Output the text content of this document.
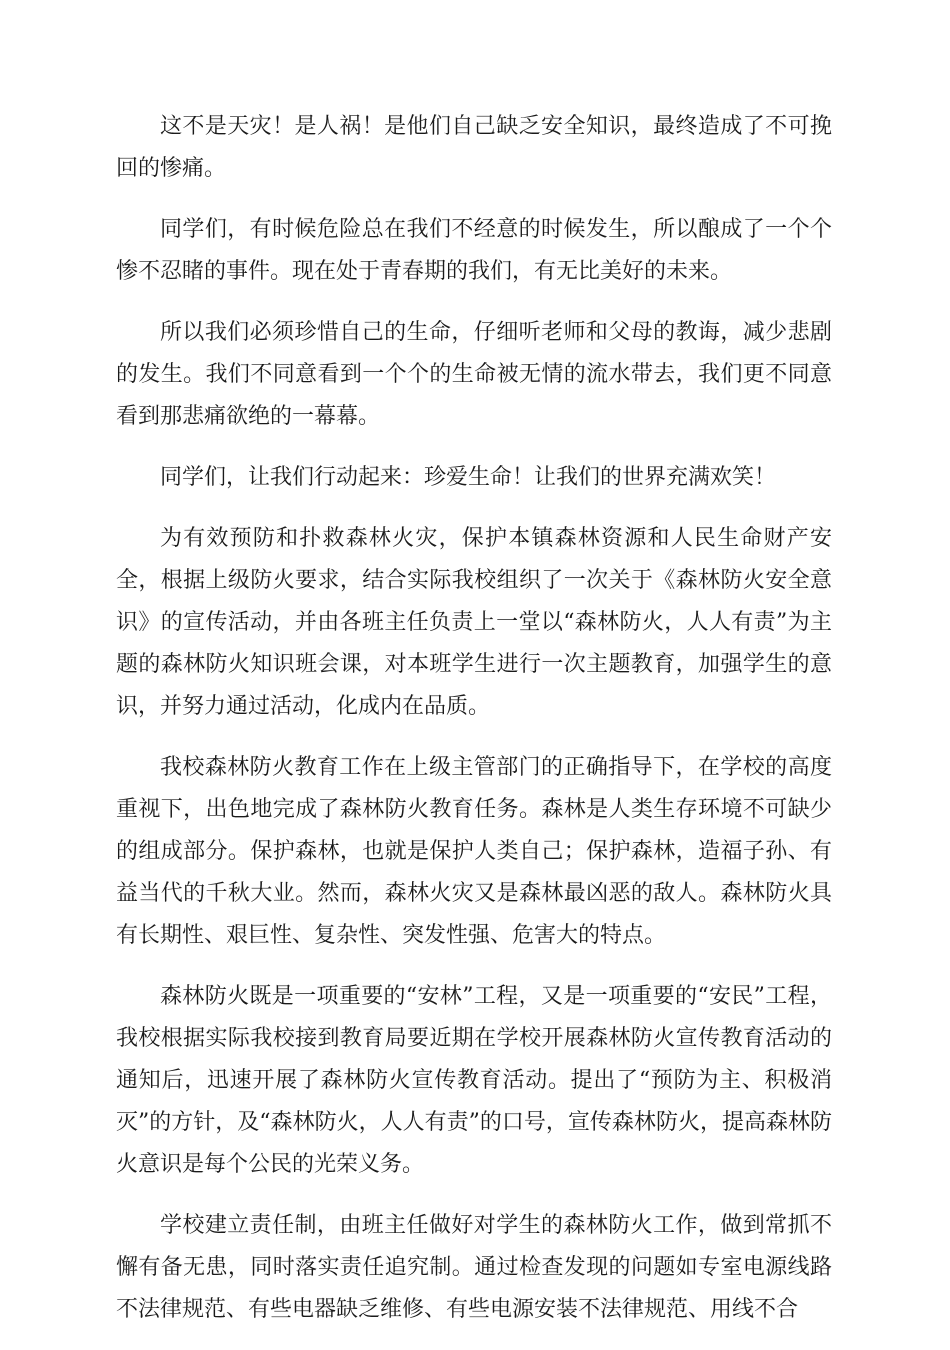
这不是天灾！是人祸！是他们自己缺乏安全知识，最终造成了不可挽回的惨痛。

同学们，有时候危险总在我们不经意的时候发生，所以酿成了一个个惨不忍睹的事件。现在处于青春期的我们，有无比美好的未来。

所以我们必须珍惜自己的生命，仔细听老师和父母的教诲，减少悲剧的发生。我们不同意看到一个个的生命被无情的流水带去，我们更不同意看到那悲痛欲绝的一幕幕。

同学们，让我们行动起来：珍爱生命！让我们的世界充满欢笑！

为有效预防和扑救森林火灾，保护本镇森林资源和人民生命财产安全，根据上级防火要求，结合实际我校组织了一次关于《森林防火安全意识》的宣传活动，并由各班主任负责上一堂以“森林防火，人人有责”为主题的森林防火知识班会课，对本班学生进行一次主题教育，加强学生的意识，并努力通过活动，化成内在品质。

我校森林防火教育工作在上级主管部门的正确指导下，在学校的高度重视下，出色地完成了森林防火教育任务。森林是人类生存环境不可缺少的组成部分。保护森林，也就是保护人类自己；保护森林，造福子孙、有益当代的千秋大业。然而，森林火灾又是森林最凶恶的敌人。森林防火具有长期性、艰巨性、复杂性、突发性强、危害大的特点。

森林防火既是一项重要的“安林”工程，又是一项重要的“安民”工程，我校根据实际我校接到教育局要近期在学校开展森林防火宣传教育活动的通知后，迅速开展了森林防火宣传教育活动。提出了“预防为主、积极消灭”的方针，及“森林防火，人人有责”的口号，宣传森林防火，提高森林防火意识是每个公民的光荣义务。

学校建立责任制，由班主任做好对学生的森林防火工作，做到常抓不懈有备无患，同时落实责任追究制。通过检查发现的问题如专室电源线路不法律规范、有些电器缺乏维修、有些电源安装不法律规范、用线不合
